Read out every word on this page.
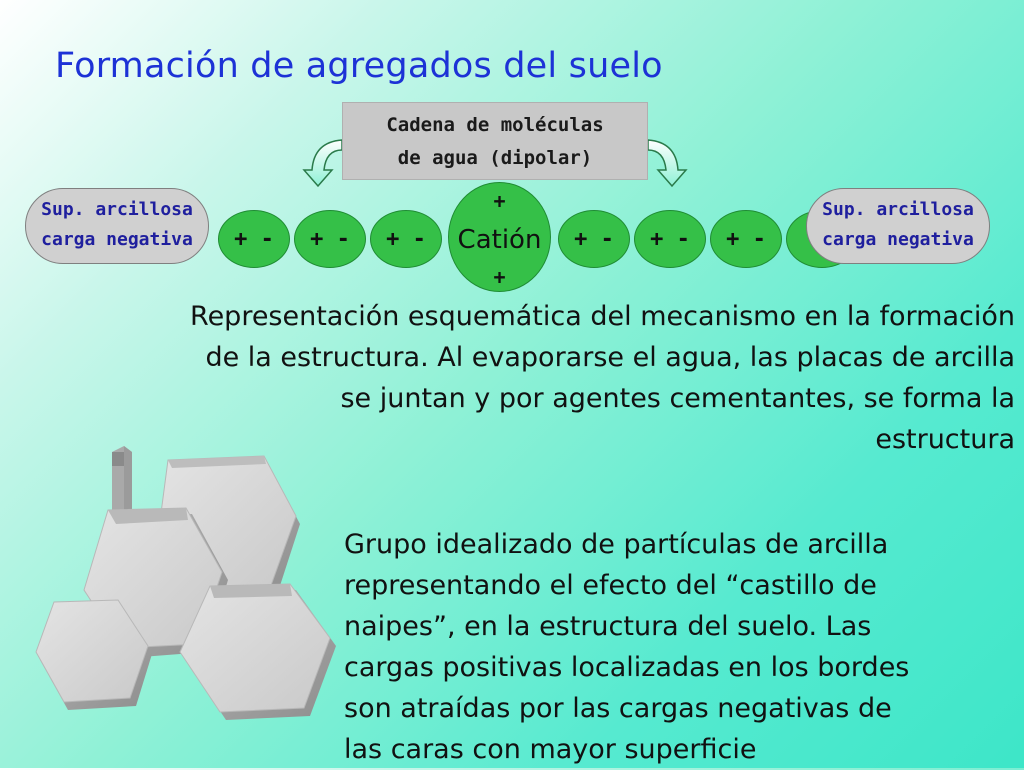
Formación de agregados del suelo
Cadena de moléculas
de agua (dipolar)
Sup. arcillosa
carga negativa	+ -	+ -	+ -
+
Catión
+
+ -	+ -	+ -
Sup. arcillosa
carga negativa
Representación esquemática del mecanismo en la formación
de la estructura. Al evaporarse el agua, las placas de arcilla
se juntan y por agentes cementantes, se forma la
estructura
Grupo idealizado de partículas de arcilla
representando el efecto del “castillo de
naipes”, en la estructura del suelo. Las
cargas positivas localizadas en los bordes
son atraídas por las cargas negativas de
las caras con mayor superficie
